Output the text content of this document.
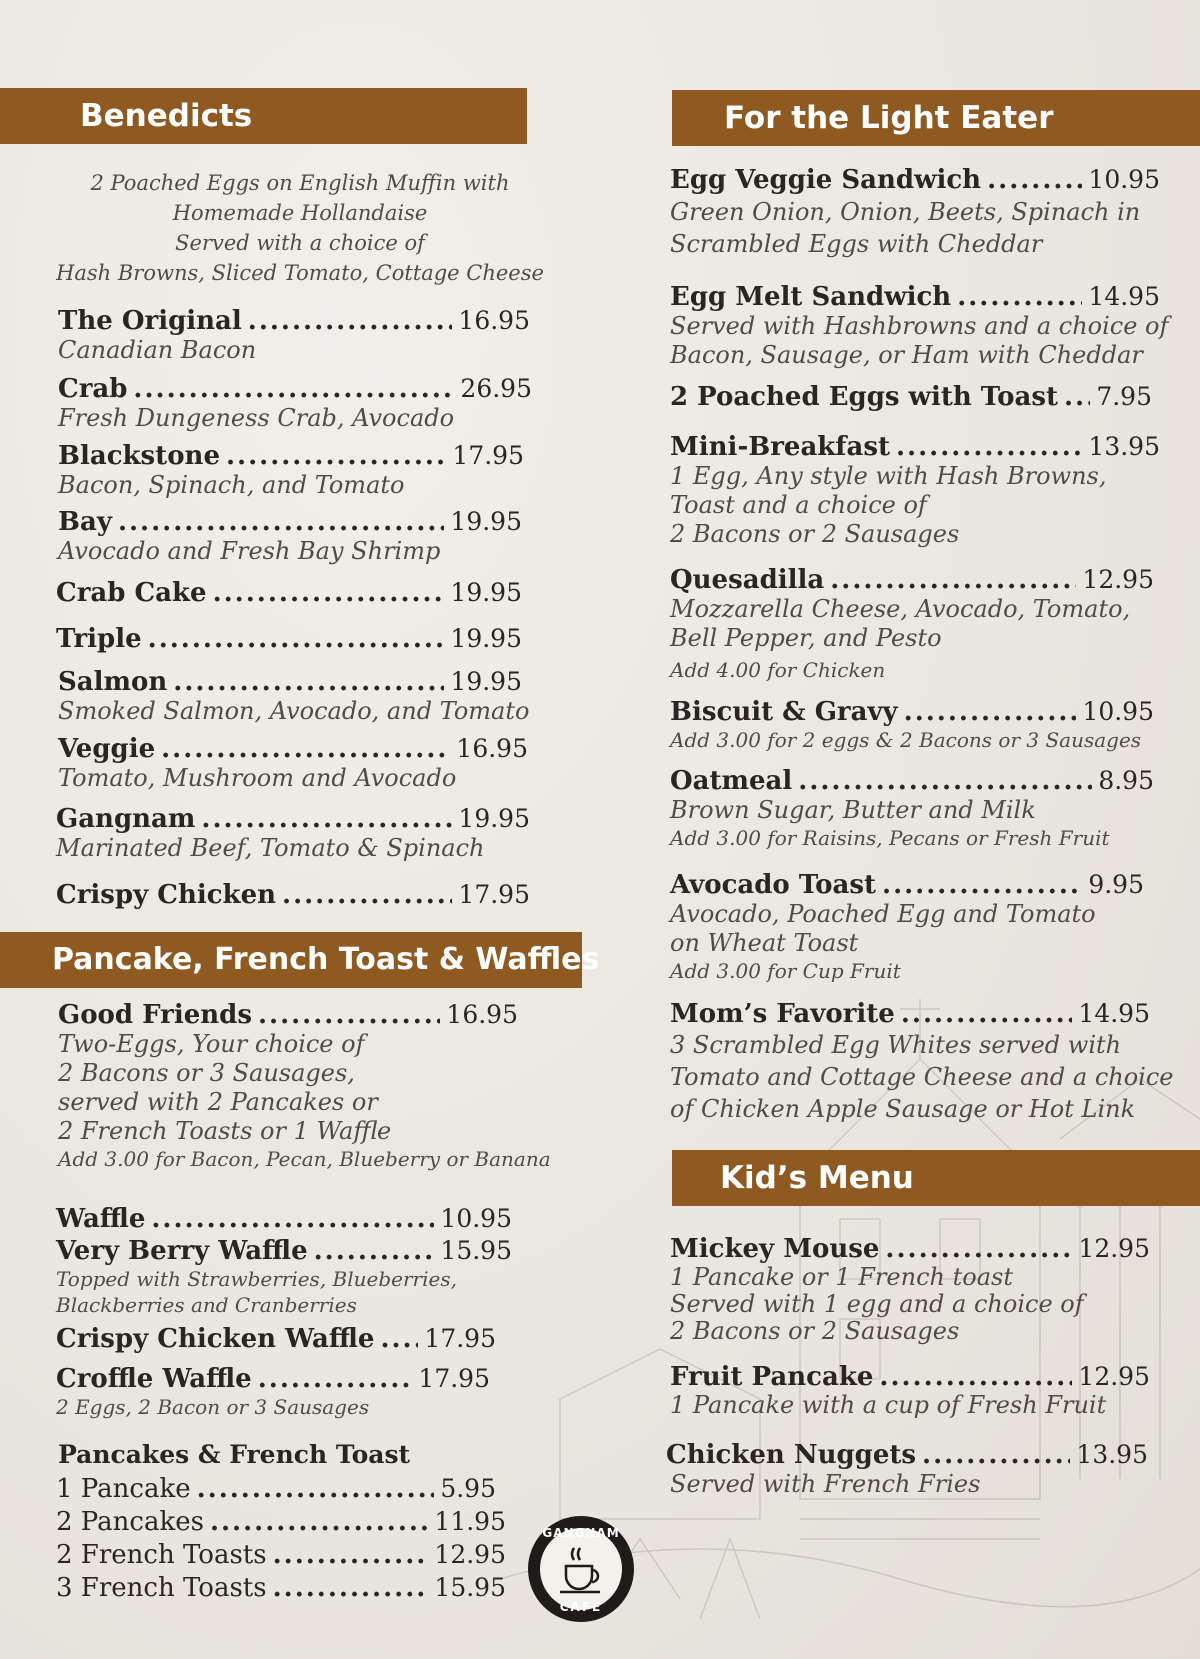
Benedicts
2 Poached Eggs on English Muffin with
Homemade Hollandaise
Served with a choice of
Hash Browns, Sliced Tomato, Cottage Cheese
The Original .....	16.95
Canadian Bacon
Crab .....	26.95
Fresh Dungeness Crab, Avocado
Blackstone .....	17.95
Bacon, Spinach, and Tomato
Bay .....	19.95
Avocado and Fresh Bay Shrimp
Crab Cake .....	19.95
Triple .....	19.95
Salmon .....	19.95
Smoked Salmon, Avocado, and Tomato
Veggie .....	16.95
Tomato, Mushroom and Avocado
Gangnam .....	19.95
Marinated Beef, Tomato & Spinach
Crispy Chicken .....	17.95
Pancake, French Toast & Waffles
Good Friends .....	16.95
Two-Eggs, Your choice of
2 Bacons or 3 Sausages,
served with 2 Pancakes or
2 French Toasts or 1 Waffle
Add 3.00 for Bacon, Pecan, Blueberry or Banana
Waffle .....	10.95
Very Berry Waffle .....	15.95
Topped with Strawberries, Blueberries,
Blackberries and Cranberries
Crispy Chicken Waffle ..... 17.95
Croffle Waffle .....	17.95
2 Eggs, 2 Bacon or 3 Sausages
Pancakes & French Toast
1 Pancake .....	5.95
2 Pancakes .....	11.95
2 French Toasts .....	12.95
3 French Toasts .....	15.95
GANGNAM
CAFE
For the Light Eater
Egg Veggie Sandwich .....	10.95
Green Onion, Onion, Beets, Spinach in
Scrambled Eggs with Cheddar
Egg Melt Sandwich .....	14.95
Served with Hashbrowns and a choice of
Bacon, Sausage, or Ham with Cheddar
2 Poached Eggs with Toast ..... 7.95
Mini-Breakfast .....	13.95
1 Egg, Any style with Hash Browns,
Toast and a choice of
2 Bacons or 2 Sausages
Quesadilla .....	12.95
Mozzarella Cheese, Avocado, Tomato,
Bell Pepper, and Pesto
Add 4.00 for Chicken
Biscuit & Gravy .....	10.95
Add 3.00 for 2 eggs & 2 Bacons or 3 Sausages
Oatmeal .....	8.95
Brown Sugar, Butter and Milk
Add 3.00 for Raisins, Pecans or Fresh Fruit
Avocado Toast .....	9.95
Avocado, Poached Egg and Tomato
on Wheat Toast
Add 3.00 for Cup Fruit
Mom’s Favorite .....	14.95
3 Scrambled Egg Whites served with
Tomato and Cottage Cheese and a choice
of Chicken Apple Sausage or Hot Link
Kid’s Menu
Mickey Mouse .....	12.95
1 Pancake or 1 French toast
Served with 1 egg and a choice of
2 Bacons or 2 Sausages
Fruit Pancake .....	12.95
1 Pancake with a cup of Fresh Fruit
Chicken Nuggets .....	13.95
Served with French Fries
